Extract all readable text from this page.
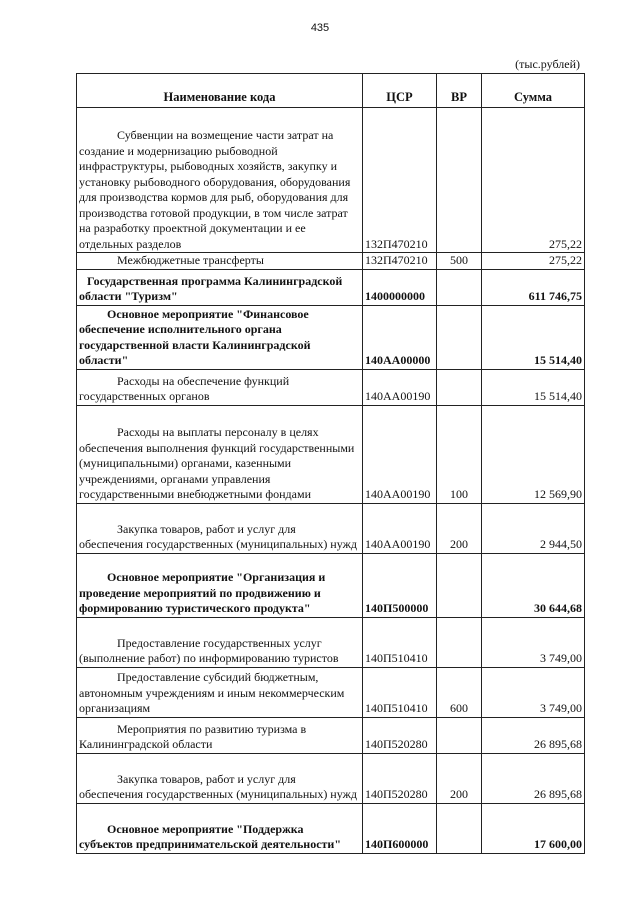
435
(тыс.рублей)
Наименование кода	ЦСР	ВР	Сумма
Субвенции на возмещение части затрат на создание и модернизацию рыбоводной инфраструктуры, рыбоводных хозяйств, закупку и установку рыбоводного оборудования, оборудования для производства кормов для рыб, оборудования для производства готовой продукции, в том числе затрат на разработку проектной документации и ее отдельных разделов	132П470210		275,22
Межбюджетные трансферты	132П470210	500	275,22
Государственная программа Калининградской области "Туризм"	1400000000		611 746,75
Основное мероприятие "Финансовое обеспечение исполнительного органа государственной власти Калининградской области"	140АА00000		15 514,40
Расходы на обеспечение функций государственных органов	140АА00190		15 514,40
Расходы на выплаты персоналу в целях обеспечения выполнения функций государственными (муниципальными) органами, казенными учреждениями, органами управления государственными внебюджетными фондами	140АА00190	100	12 569,90
Закупка товаров, работ и услуг для обеспечения государственных (муниципальных) нужд	140АА00190	200	2 944,50
Основное мероприятие "Организация и проведение мероприятий по продвижению и формированию туристического продукта"	140П500000		30 644,68
Предоставление государственных услуг (выполнение работ) по информированию туристов	140П510410		3 749,00
Предоставление субсидий бюджетным, автономным учреждениям и иным некоммерческим организациям	140П510410	600	3 749,00
Мероприятия по развитию туризма в Калининградской области	140П520280		26 895,68
Закупка товаров, работ и услуг для обеспечения государственных (муниципальных) нужд	140П520280	200	26 895,68
Основное мероприятие "Поддержка субъектов предпринимательской деятельности"	140П600000		17 600,00
